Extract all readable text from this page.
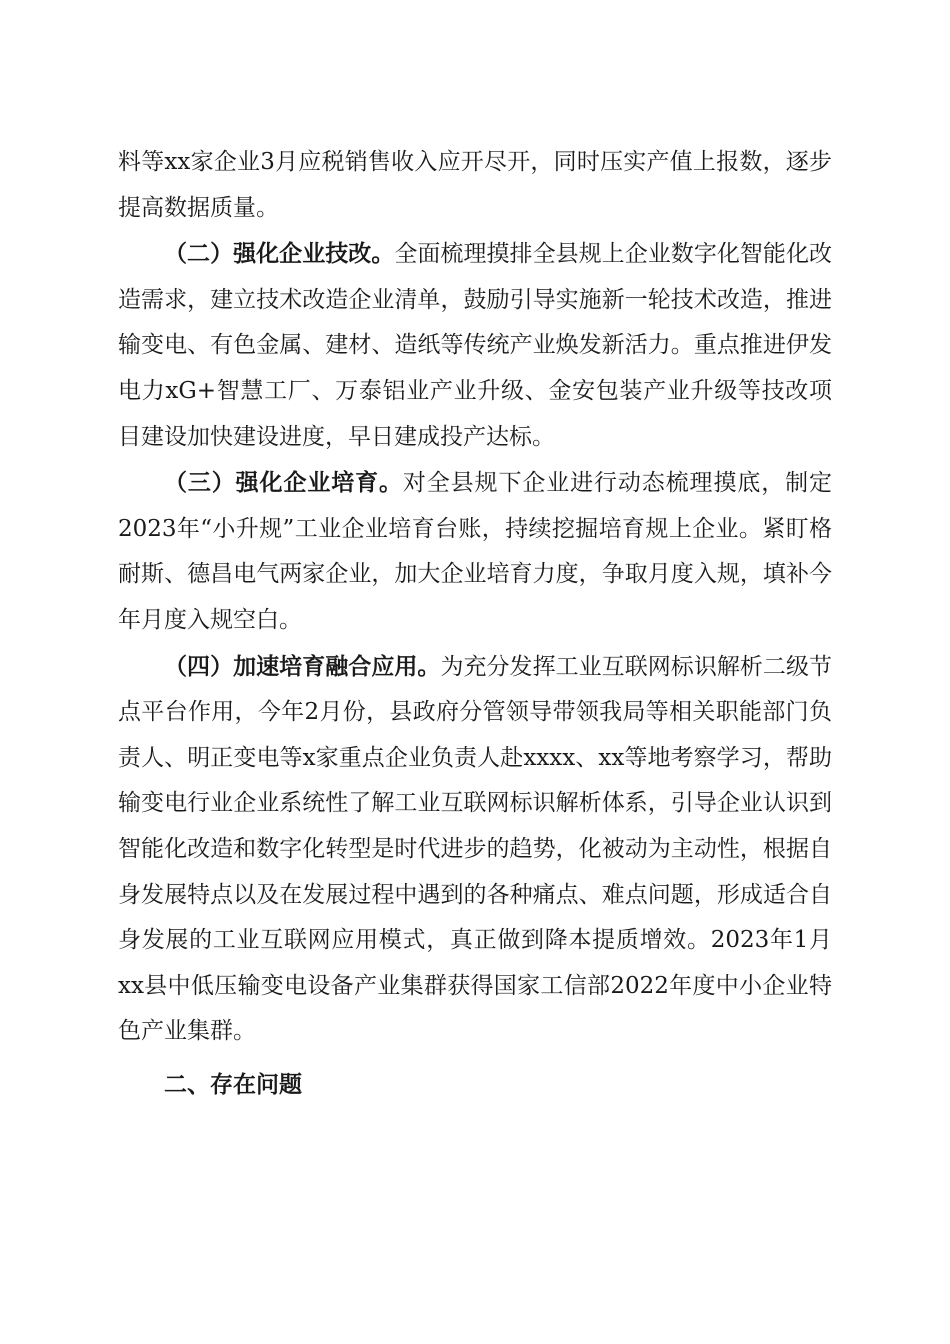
料等xx家企业3月应税销售收入应开尽开，同时压实产值上报数，逐步提高数据质量。

（二）强化企业技改。全面梳理摸排全县规上企业数字化智能化改造需求，建立技术改造企业清单，鼓励引导实施新一轮技术改造，推进输变电、有色金属、建材、造纸等传统产业焕发新活力。重点推进伊发电力xG+智慧工厂、万泰铝业产业升级、金安包装产业升级等技改项目建设加快建设进度，早日建成投产达标。

（三）强化企业培育。对全县规下企业进行动态梳理摸底，制定2023年“小升规”工业企业培育台账，持续挖掘培育规上企业。紧盯格耐斯、德昌电气两家企业，加大企业培育力度，争取月度入规，填补今年月度入规空白。

（四）加速培育融合应用。为充分发挥工业互联网标识解析二级节点平台作用，今年2月份，县政府分管领导带领我局等相关职能部门负责人、明正变电等x家重点企业负责人赴xxxx、xx等地考察学习，帮助输变电行业企业系统性了解工业互联网标识解析体系，引导企业认识到智能化改造和数字化转型是时代进步的趋势，化被动为主动性，根据自身发展特点以及在发展过程中遇到的各种痛点、难点问题，形成适合自身发展的工业互联网应用模式，真正做到降本提质增效。2023年1月xx县中低压输变电设备产业集群获得国家工信部2022年度中小企业特色产业集群。

二、存在问题
